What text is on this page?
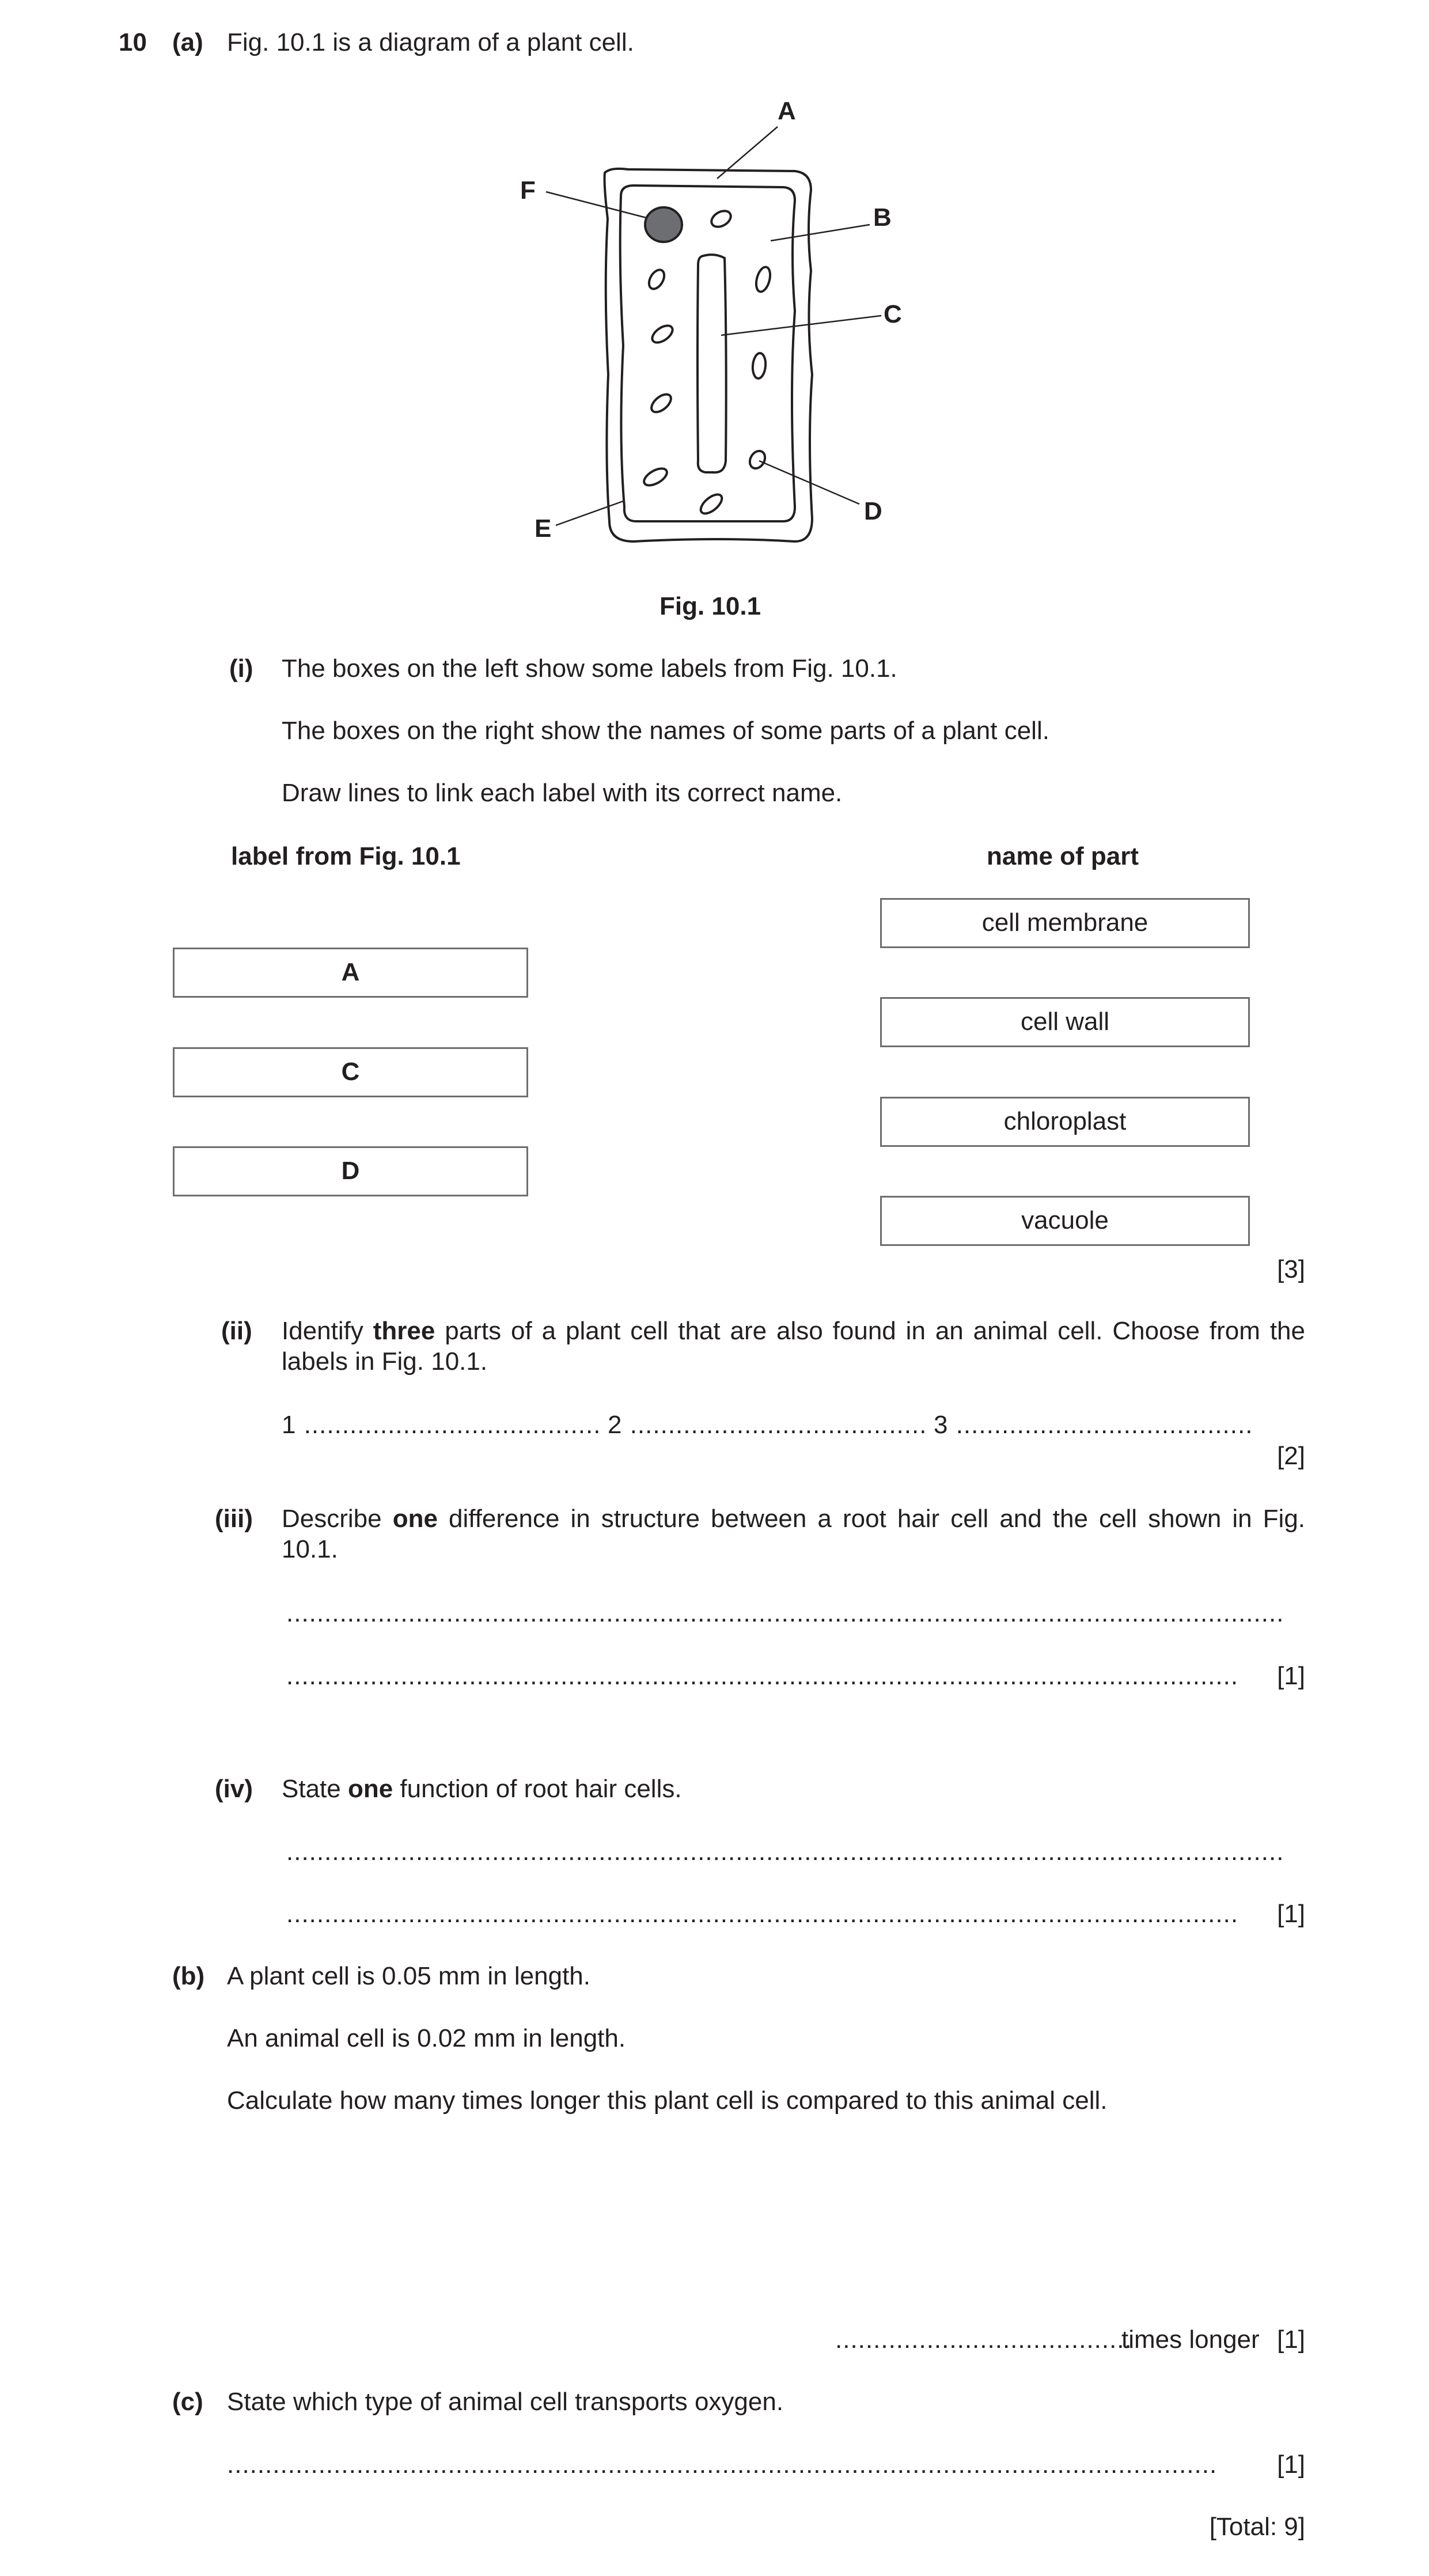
10 (a) Fig. 10.1 is a diagram of a plant cell.
A
B
C
D
E
F
Fig. 10.1
(i) The boxes on the left show some labels from Fig. 10.1.
The boxes on the right show the names of some parts of a plant cell.
Draw lines to link each label with its correct name.
label from Fig. 10.1	name of part
A
C
D
cell membrane
cell wall
chloroplast
vacuole
[3]
(ii) Identify three parts of a plant cell that are also found in an animal cell. Choose from the labels in Fig. 10.1.
1 ....................................... 2 ....................................... 3 .......................................
[2]
(iii) Describe one difference in structure between a root hair cell and the cell shown in Fig. 10.1.
...................................................................................................................................
............................................................................................................................. [1]
(iv) State one function of root hair cells.
...................................................................................................................................
............................................................................................................................. [1]
(b) A plant cell is 0.05 mm in length.
An animal cell is 0.02 mm in length.
Calculate how many times longer this plant cell is compared to this animal cell.
.......................................
times longer [1]
(c) State which type of animal cell transports oxygen.
.................................................................................................................................. [1]
[Total: 9]
